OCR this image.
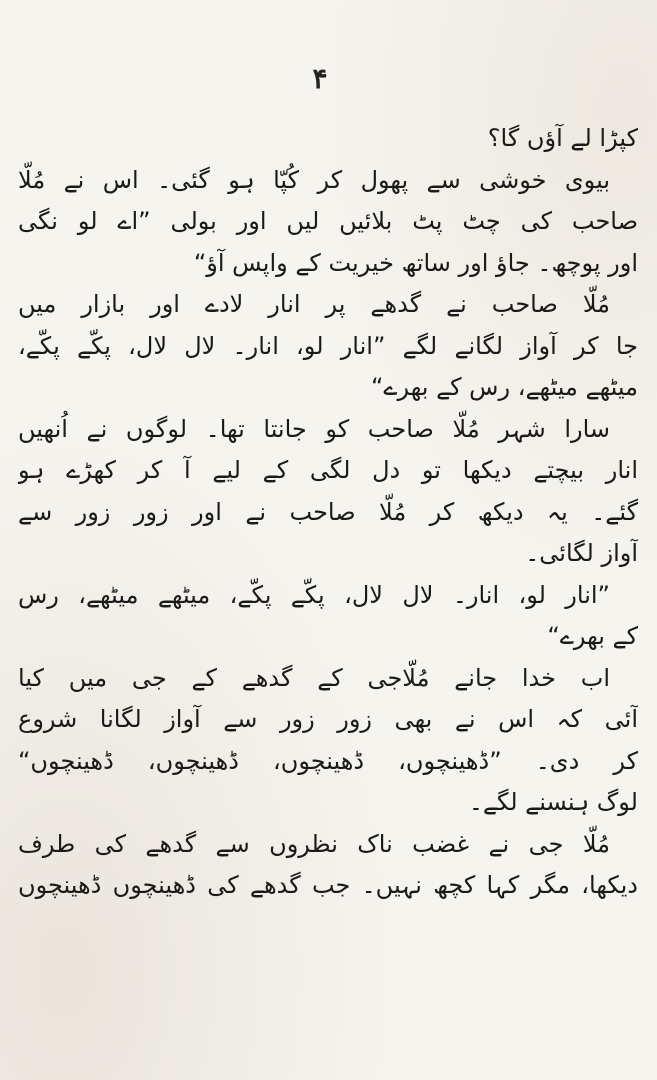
۴
کپڑا لے آؤں گا؟
بیوی خوشی سے پھول کر کُپّا ہو گئی۔ اس نے مُلّا
صاحب کی چٹ پٹ بلائیں لیں اور بولی ”اے لو نگی
اور پوچھ۔ جاؤ اور ساتھ خیریت کے واپس آؤ“
مُلّا صاحب نے گدھے پر انار لادے اور بازار میں
جا کر آواز لگانے لگے ”انار لو، انار۔ لال لال، پکّے پکّے،
میٹھے میٹھے، رس کے بھرے“
سارا شہر مُلّا صاحب کو جانتا تھا۔ لوگوں نے اُنھیں
انار بیچتے دیکھا تو دل لگی کے لیے آ کر کھڑے ہو
گئے۔ یہ دیکھ کر مُلّا صاحب نے اور زور زور سے
آواز لگائی۔
”انار لو، انار۔ لال لال، پکّے پکّے، میٹھے میٹھے، رس
کے بھرے“
اب خدا جانے مُلّاجی کے گدھے کے جی میں کیا
آئی کہ اس نے بھی زور زور سے آواز لگانا شروع
کر دی۔ ”ڈھینچوں، ڈھینچوں، ڈھینچوں، ڈھینچوں“
لوگ ہنسنے لگے۔
مُلّا جی نے غضب ناک نظروں سے گدھے کی طرف
دیکھا، مگر کہا کچھ نہیں۔ جب گدھے کی ڈھینچوں ڈھینچوں
